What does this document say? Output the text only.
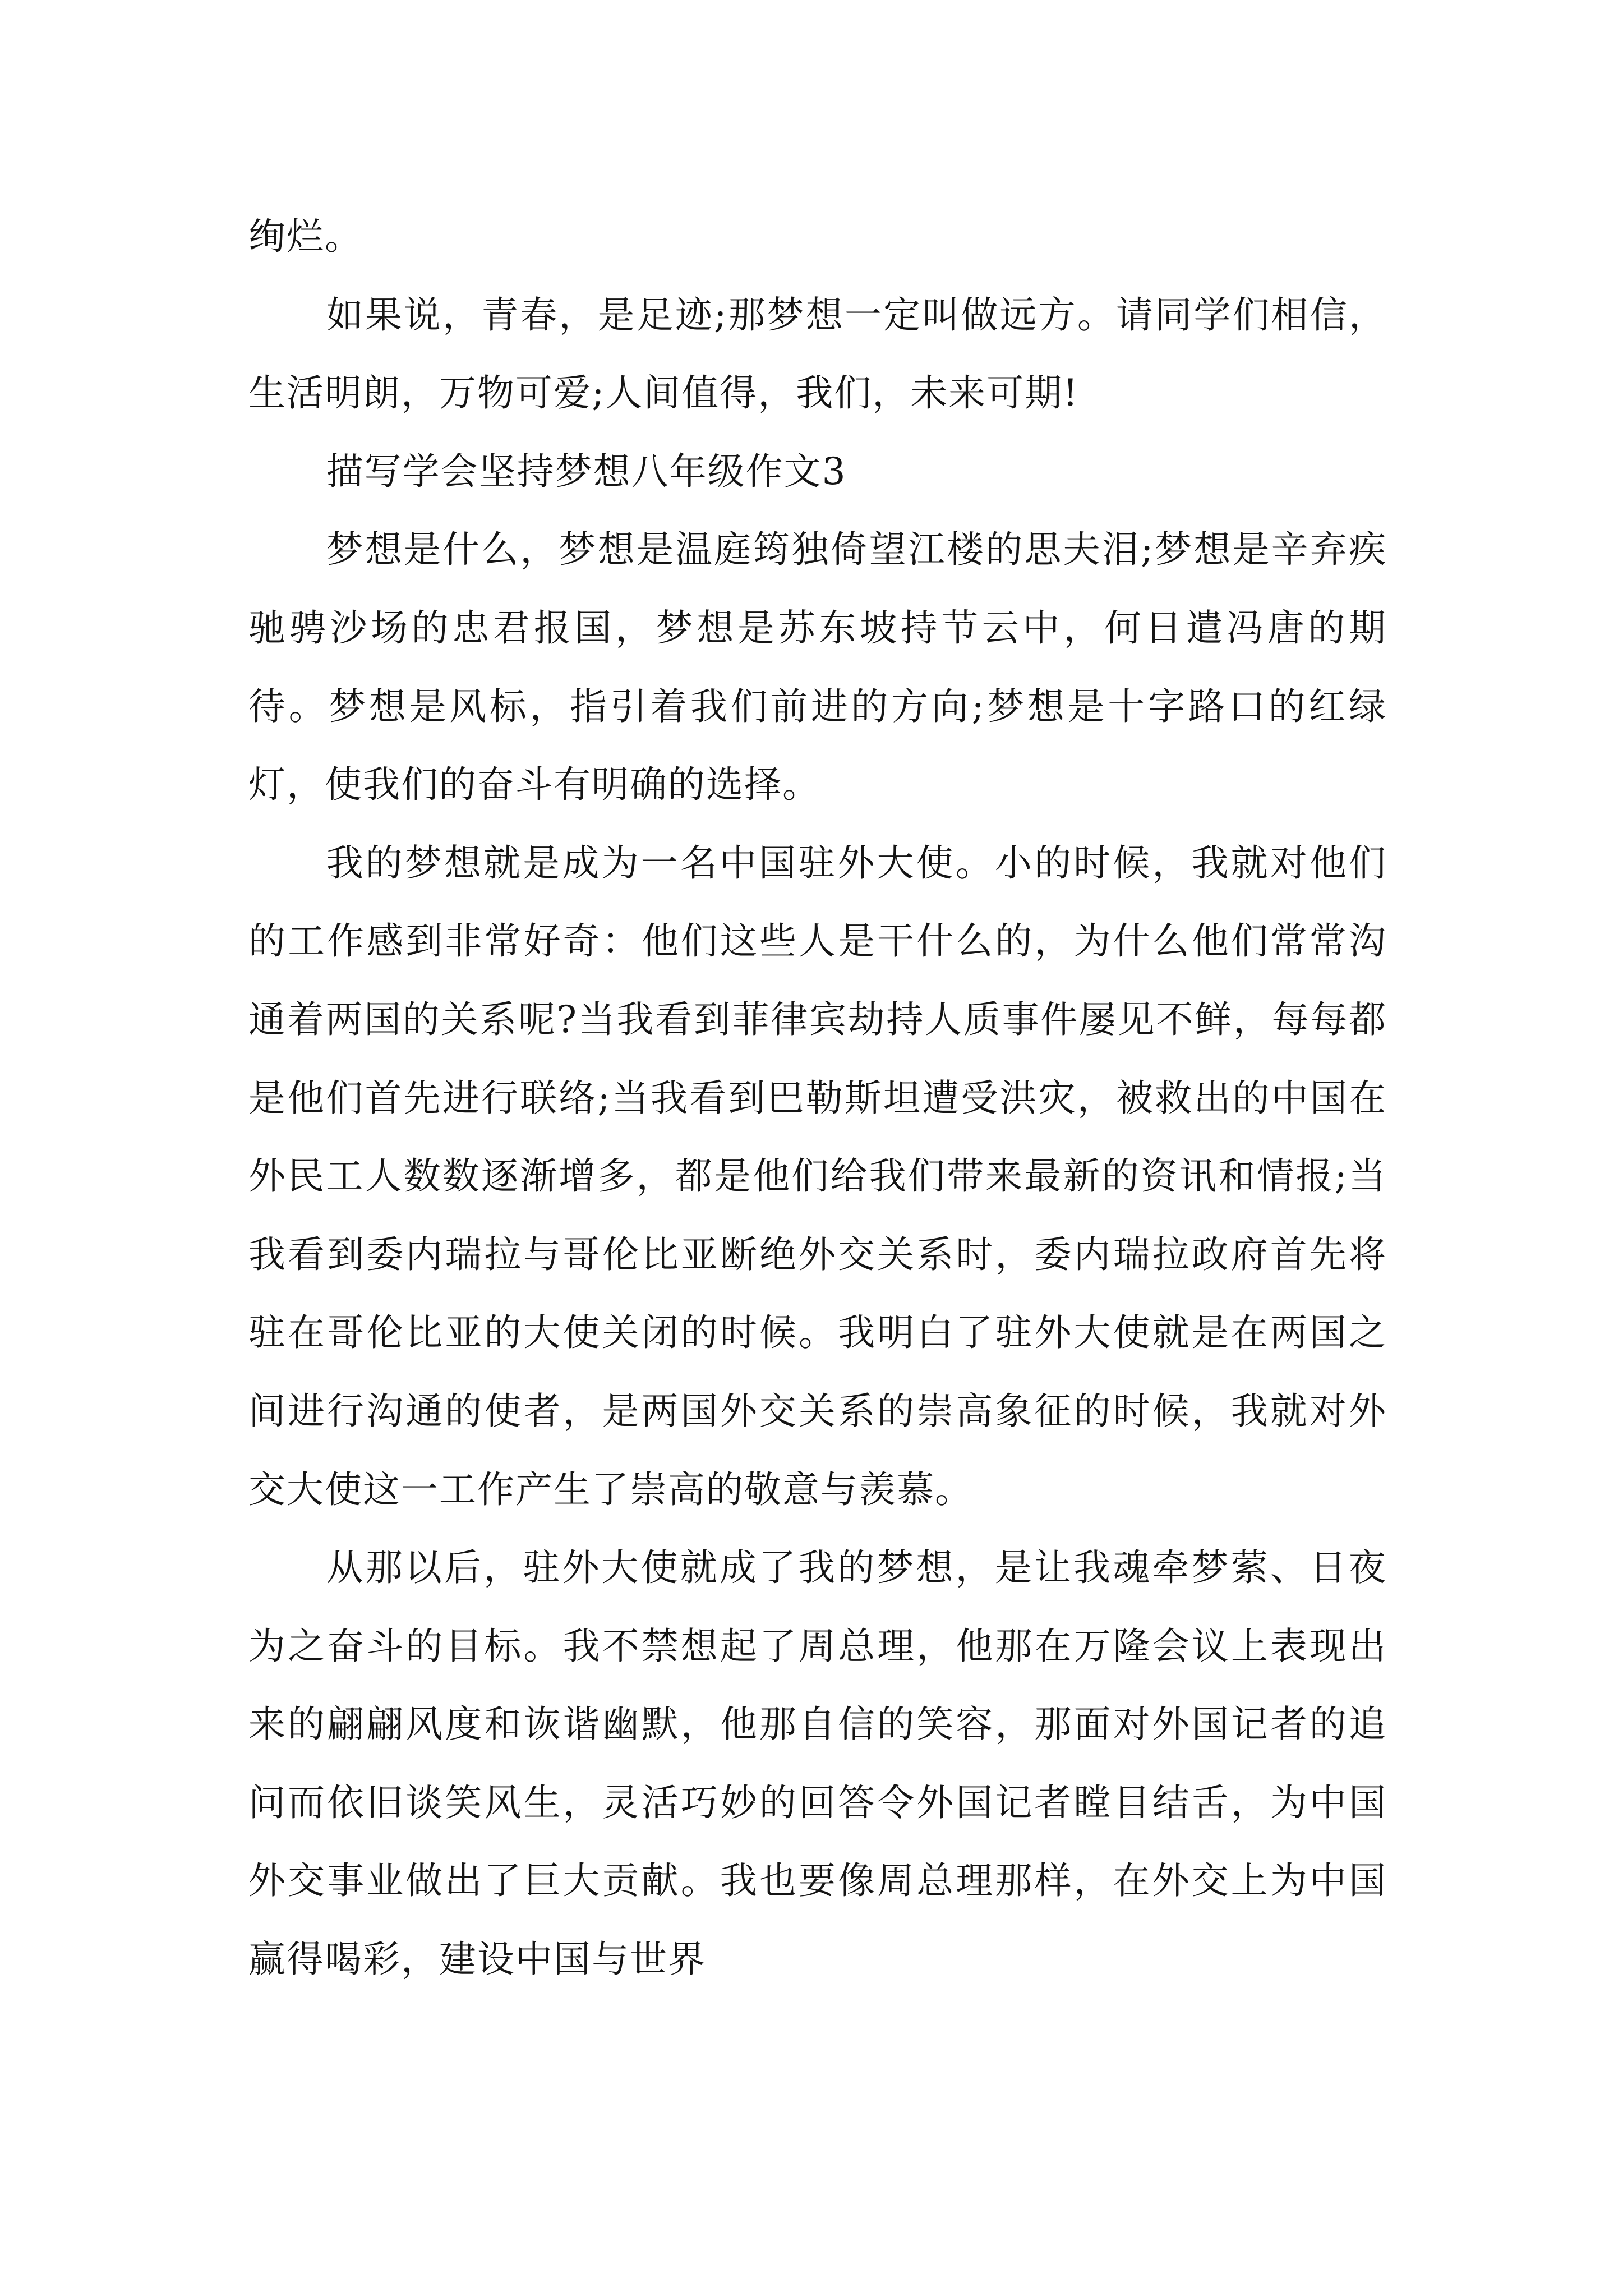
绚烂。

如果说，青春，是足迹;那梦想一定叫做远方。请同学们相信，生活明朗，万物可爱;人间值得，我们，未来可期!

描写学会坚持梦想八年级作文3

梦想是什么，梦想是温庭筠独倚望江楼的思夫泪;梦想是辛弃疾驰骋沙场的忠君报国，梦想是苏东坡持节云中，何日遣冯唐的期待。梦想是风标，指引着我们前进的方向;梦想是十字路口的红绿灯，使我们的奋斗有明确的选择。

我的梦想就是成为一名中国驻外大使。小的时候，我就对他们的工作感到非常好奇：他们这些人是干什么的，为什么他们常常沟通着两国的关系呢?当我看到菲律宾劫持人质事件屡见不鲜，每每都是他们首先进行联络;当我看到巴勒斯坦遭受洪灾，被救出的中国在外民工人数数逐渐增多，都是他们给我们带来最新的资讯和情报;当我看到委内瑞拉与哥伦比亚断绝外交关系时，委内瑞拉政府首先将驻在哥伦比亚的大使关闭的时候。我明白了驻外大使就是在两国之间进行沟通的使者，是两国外交关系的崇高象征的时候，我就对外交大使这一工作产生了崇高的敬意与羡慕。

从那以后，驻外大使就成了我的梦想，是让我魂牵梦萦、日夜为之奋斗的目标。我不禁想起了周总理，他那在万隆会议上表现出来的翩翩风度和诙谐幽默，他那自信的笑容，那面对外国记者的追问而依旧谈笑风生，灵活巧妙的回答令外国记者瞠目结舌，为中国外交事业做出了巨大贡献。我也要像周总理那样，在外交上为中国赢得喝彩，建设中国与世界
